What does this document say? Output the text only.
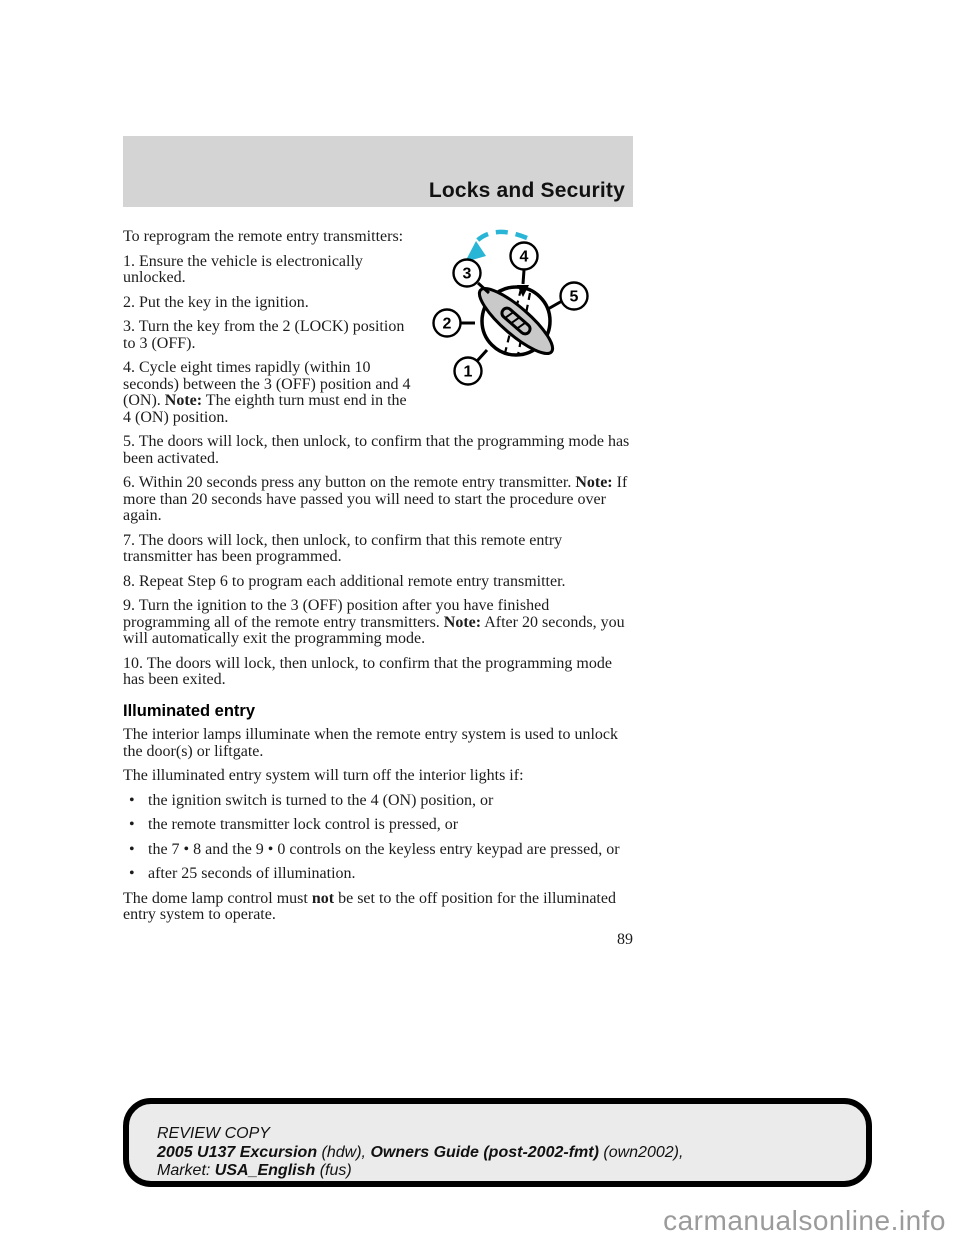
Locks and Security
1
2
3
4
5

To reprogram the remote entry transmitters:

1. Ensure the vehicle is electronically unlocked.

2. Put the key in the ignition.

3. Turn the key from the 2 (LOCK) position to 3 (OFF).

4. Cycle eight times rapidly (within 10 seconds) between the 3 (OFF) position and 4 (ON). Note: The eighth turn must end in the 4 (ON) position.

5. The doors will lock, then unlock, to confirm that the programming mode has been activated.

6. Within 20 seconds press any button on the remote entry transmitter. Note: If more than 20 seconds have passed you will need to start the procedure over again.

7. The doors will lock, then unlock, to confirm that this remote entry transmitter has been programmed.

8. Repeat Step 6 to program each additional remote entry transmitter.

9. Turn the ignition to the 3 (OFF) position after you have finished programming all of the remote entry transmitters. Note: After 20 seconds, you will automatically exit the programming mode.

10. The doors will lock, then unlock, to confirm that the programming mode has been exited.

Illuminated entry

The interior lamps illuminate when the remote entry system is used to unlock the door(s) or liftgate.

The illuminated entry system will turn off the interior lights if:

• the ignition switch is turned to the 4 (ON) position, or
• the remote transmitter lock control is pressed, or
• the 7 • 8 and the 9 • 0 controls on the keyless entry keypad are pressed, or
• after 25 seconds of illumination.

The dome lamp control must not be set to the off position for the illuminated entry system to operate.

89
REVIEW COPY
2005 U137 Excursion (hdw), Owners Guide (post-2002-fmt) (own2002),
Market: USA_English (fus)
carmanualsonline.info
